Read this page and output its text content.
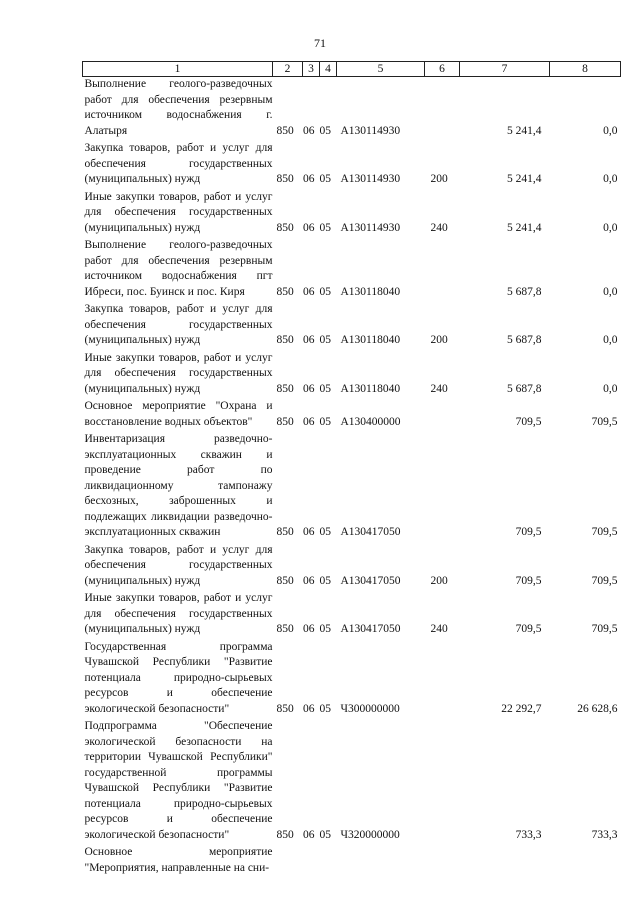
71
1	2	3	4	5	6	7	8
Выполнение геолого-разведочных работ для обеспечения резервным источником водоснабжения г. Алатыря	850	06	05	А130114930		5 241,4	0,0
Закупка товаров, работ и услуг для обеспечения государственных (муниципальных) нужд	850	06	05	А130114930	200	5 241,4	0,0
Иные закупки товаров, работ и услуг для обеспечения государственных (муниципальных) нужд	850	06	05	А130114930	240	5 241,4	0,0
Выполнение геолого-разведочных работ для обеспечения резервным источником водоснабжения пгт Ибреси, пос. Буинск и пос. Киря	850	06	05	А130118040		5 687,8	0,0
Закупка товаров, работ и услуг для обеспечения государственных (муниципальных) нужд	850	06	05	А130118040	200	5 687,8	0,0
Иные закупки товаров, работ и услуг для обеспечения государственных (муниципальных) нужд	850	06	05	А130118040	240	5 687,8	0,0
Основное мероприятие "Охрана и восстановление водных объектов"	850	06	05	А130400000		709,5	709,5
Инвентаризация разведочно-эксплуатационных скважин и проведение работ по ликвидационному тампонажу бесхозных, заброшенных и подлежащих ликвидации разведочно-эксплуатационных скважин	850	06	05	А130417050		709,5	709,5
Закупка товаров, работ и услуг для обеспечения государственных (муниципальных) нужд	850	06	05	А130417050	200	709,5	709,5
Иные закупки товаров, работ и услуг для обеспечения государственных (муниципальных) нужд	850	06	05	А130417050	240	709,5	709,5
Государственная программа Чувашской Республики "Развитие потенциала природно-сырьевых ресурсов и обеспечение экологической безопасности"	850	06	05	Ч300000000		22 292,7	26 628,6
Подпрограмма "Обеспечение экологической безопасности на территории Чувашской Республики" государственной программы Чувашской Республики "Развитие потенциала природно-сырьевых ресурсов и обеспечение экологической безопасности"	850	06	05	Ч320000000		733,3	733,3
Основное мероприятие "Мероприятия, направленные на сни-							
